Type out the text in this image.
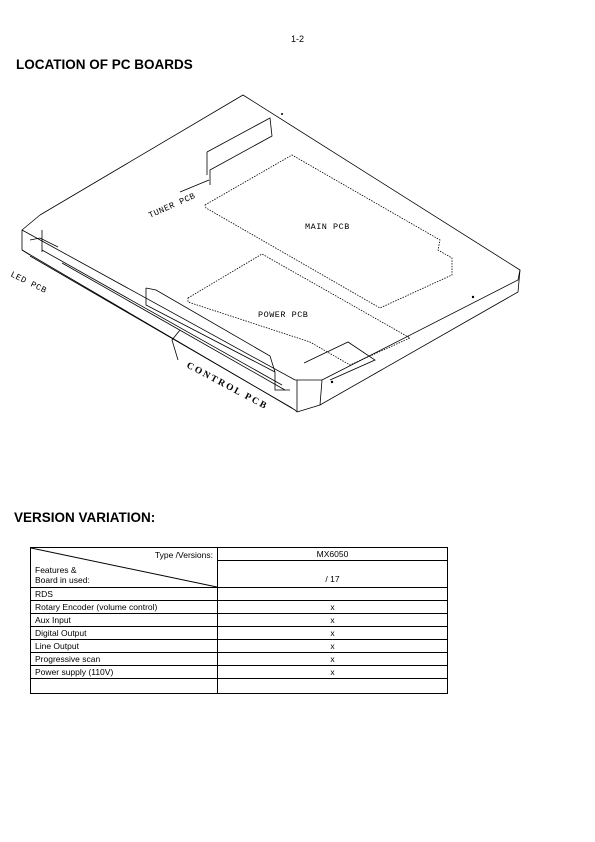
1-2
LOCATION OF PC BOARDS
TUNER PCB
MAIN PCB
LED PCB
POWER PCB
CONTROL PCB
VERSION VARIATION:
Type /Versions:
Features &
Board in used:	MX6050
	/ 17
RDS	
Rotary Encoder (volume control)	x
Aux Input	x
Digital Output	x
Line Output	x
Progressive scan	x
Power supply (110V)	x
